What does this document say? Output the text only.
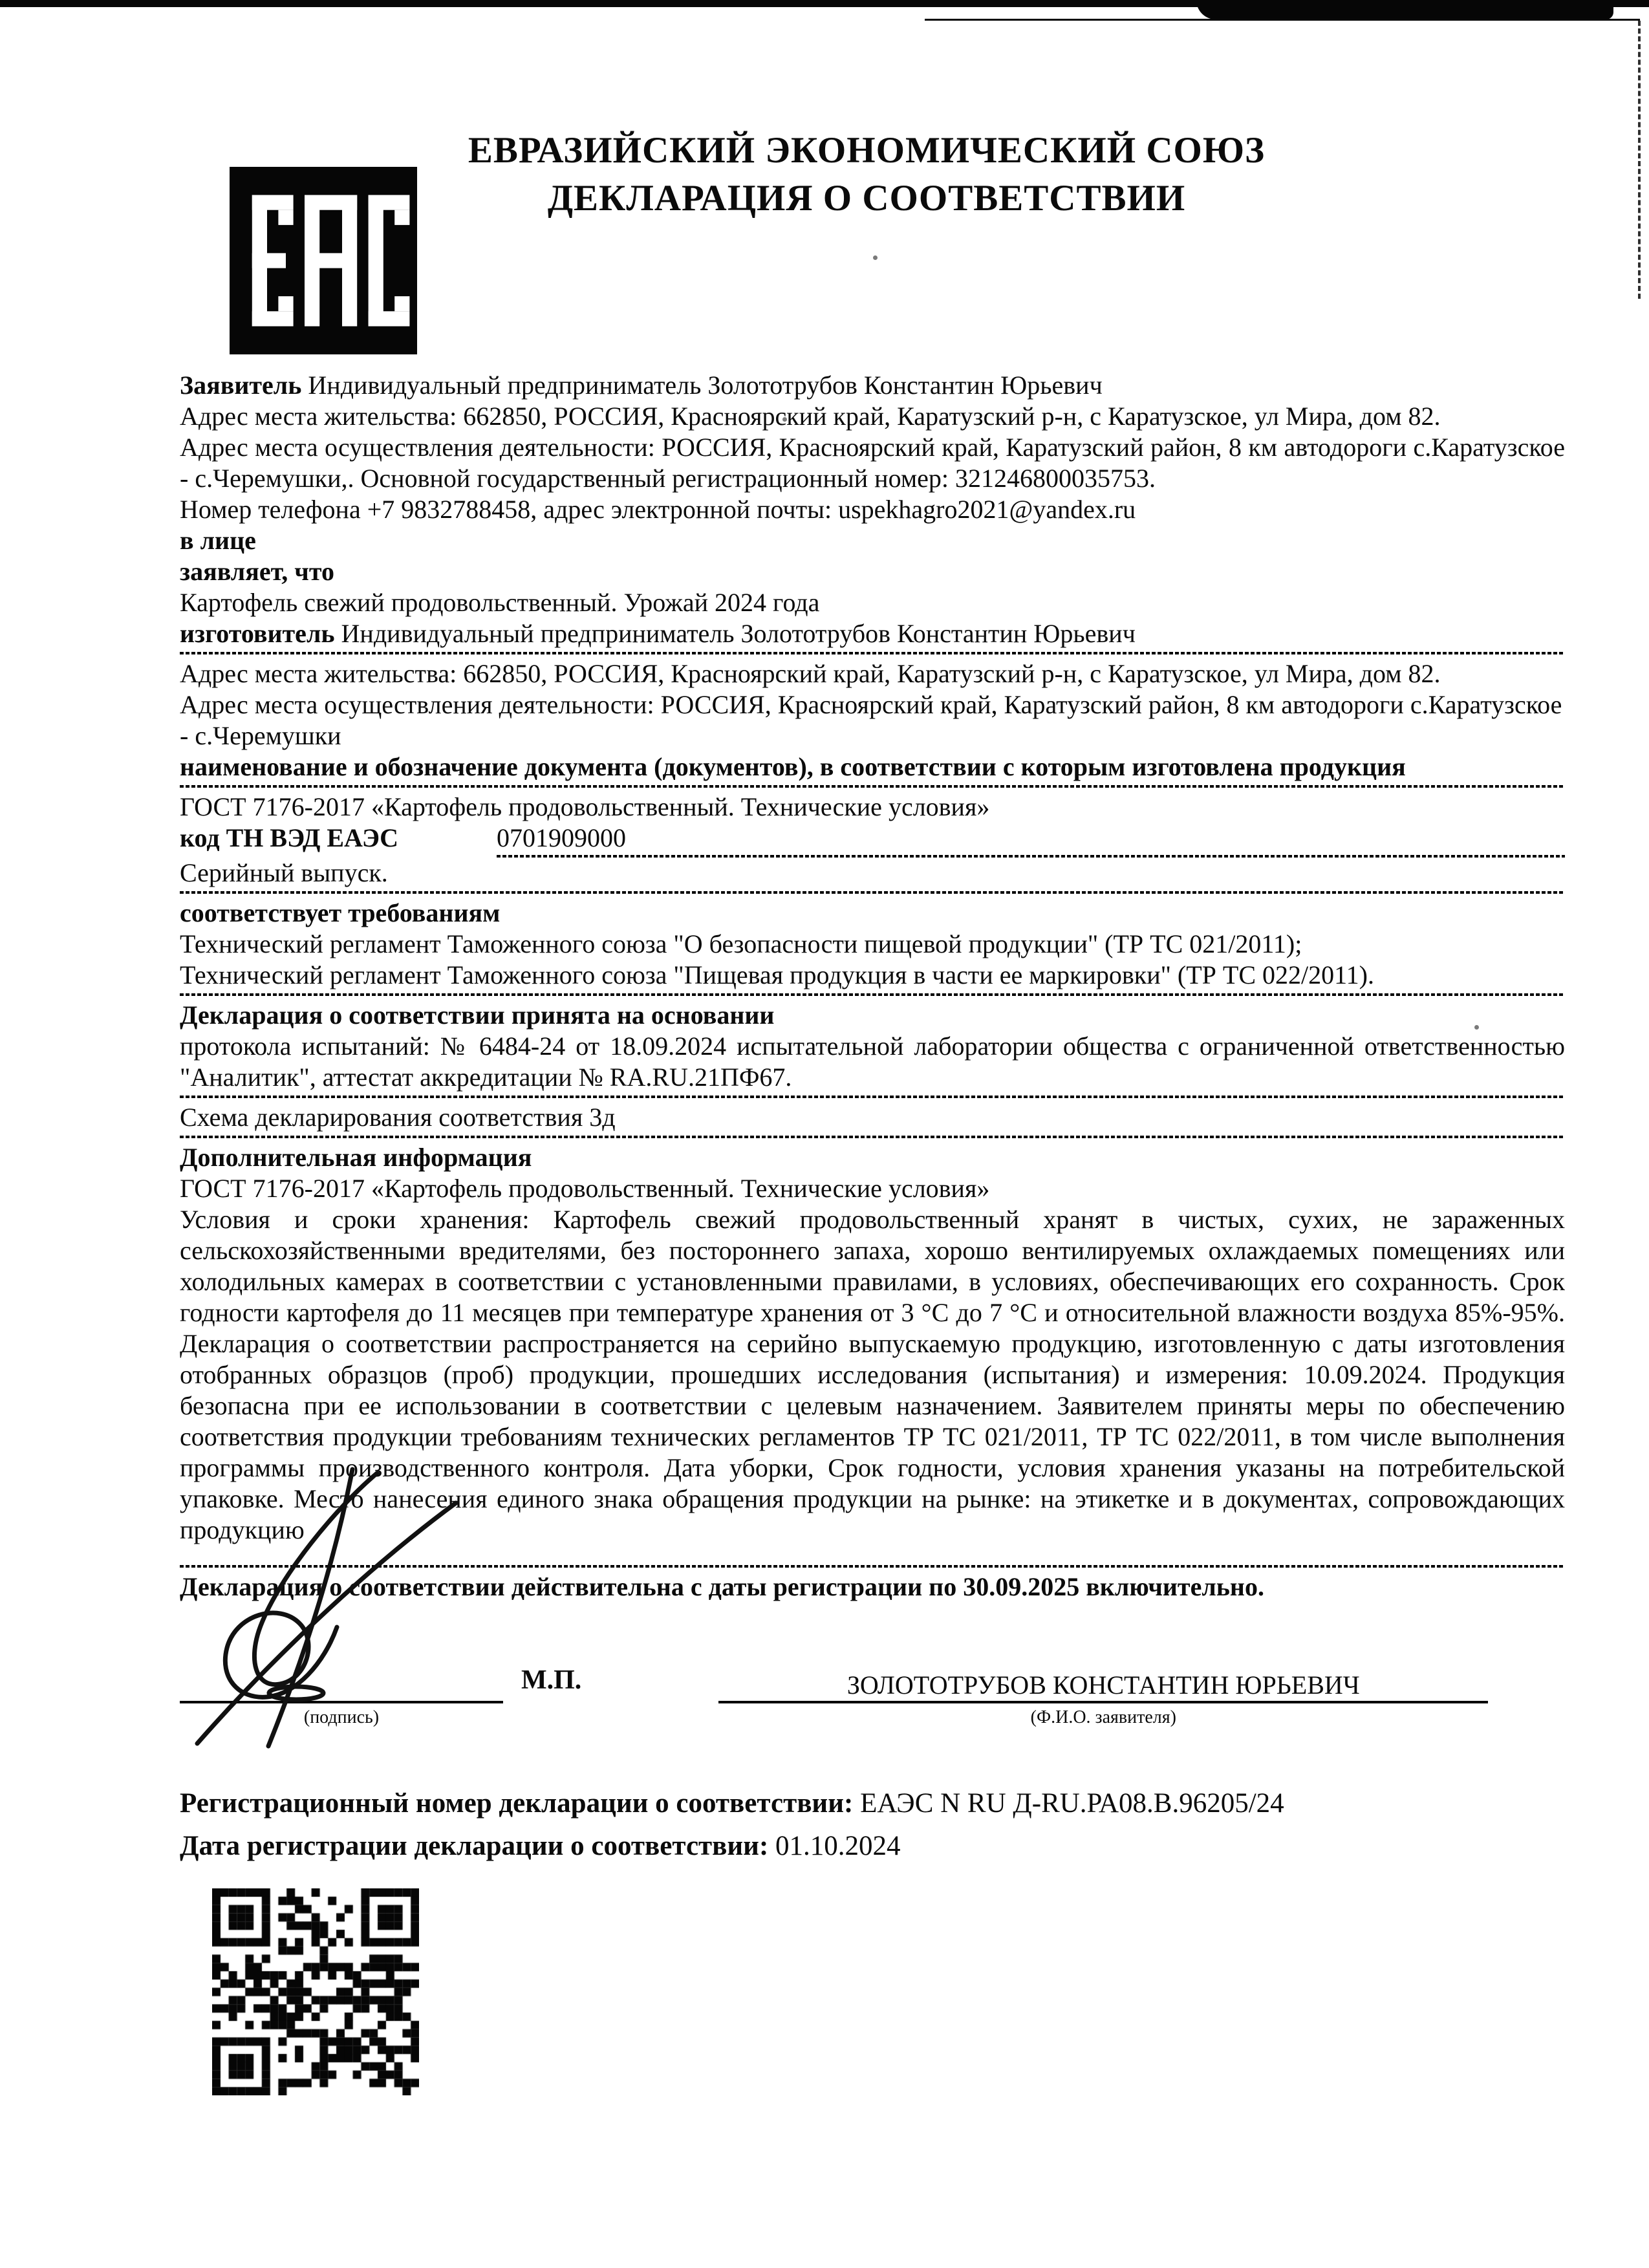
ЕВРАЗИЙСКИЙ ЭКОНОМИЧЕСКИЙ СОЮЗ
ДЕКЛАРАЦИЯ О СООТВЕТСТВИИ

Заявитель Индивидуальный предприниматель Золототрубов Константин Юрьевич

Адрес места жительства: 662850, РОССИЯ, Красноярский край, Каратузский р-н, с Каратузское, ул Мира, дом 82.

Адрес места осуществления деятельности: РОССИЯ, Красноярский край, Каратузский район, 8 км автодороги с.Каратузское - с.Черемушки,. Основной государственный регистрационный номер: 321246800035753.

Номер телефона +7 9832788458, адрес электронной почты: uspekhagro2021@yandex.ru

в лице

заявляет, что

Картофель свежий продовольственный. Урожай 2024 года

изготовитель Индивидуальный предприниматель Золототрубов Константин Юрьевич

Адрес места жительства: 662850, РОССИЯ, Красноярский край, Каратузский р-н, с Каратузское, ул Мира, дом 82.

Адрес места осуществления деятельности: РОССИЯ, Красноярский край, Каратузский район, 8 км автодороги с.Каратузское - с.Черемушки

наименование и обозначение документа (документов), в соответствии с которым изготовлена продукция

ГОСТ 7176-2017 «Картофель продовольственный. Технические условия»

код ТН ВЭД ЕАЭС	0701909000

Серийный выпуск.

соответствует требованиям

Технический регламент Таможенного союза "О безопасности пищевой продукции" (ТР ТС 021/2011);

Технический регламент Таможенного союза "Пищевая продукция в части ее маркировки" (ТР ТС 022/2011).

Декларация о соответствии принята на основании

протокола испытаний: № 6484-24 от 18.09.2024 испытательной лаборатории общества с ограниченной ответственностью "Аналитик", аттестат аккредитации № RA.RU.21ПФ67.

Схема декларирования соответствия 3д

Дополнительная информация

ГОСТ 7176-2017 «Картофель продовольственный. Технические условия»

Условия и сроки хранения: Картофель свежий продовольственный хранят в чистых, сухих, не зараженных сельскохозяйственными вредителями, без постороннего запаха, хорошо вентилируемых охлаждаемых помещениях или холодильных камерах в соответствии с установленными правилами, в условиях, обеспечивающих его сохранность. Срок годности картофеля до 11 месяцев при температуре хранения от 3 °С до 7 °С и относительной влажности воздуха 85%-95%. Декларация о соответствии распространяется на серийно выпускаемую продукцию, изготовленную с даты изготовления отобранных образцов (проб) продукции, прошедших исследования (испытания) и измерения: 10.09.2024. Продукция безопасна при ее использовании в соответствии с целевым назначением. Заявителем приняты меры по обеспечению соответствия продукции требованиям технических регламентов ТР ТС 021/2011, ТР ТС 022/2011, в том числе выполнения программы производственного контроля. Дата уборки, Срок годности, условия хранения указаны на потребительской упаковке. Место нанесения единого знака обращения продукции на рынке: на этикетке и в документах, сопровождающих продукцию

Декларация о соответствии действительна с даты регистрации по 30.09.2025 включительно.

(подпись)
М.П.	ЗОЛОТОТРУБОВ КОНСТАНТИН ЮРЬЕВИЧ
(Ф.И.О. заявителя)

Регистрационный номер декларации о соответствии: ЕАЭС N RU Д-RU.РА08.В.96205/24

Дата регистрации декларации о соответствии: 01.10.2024
